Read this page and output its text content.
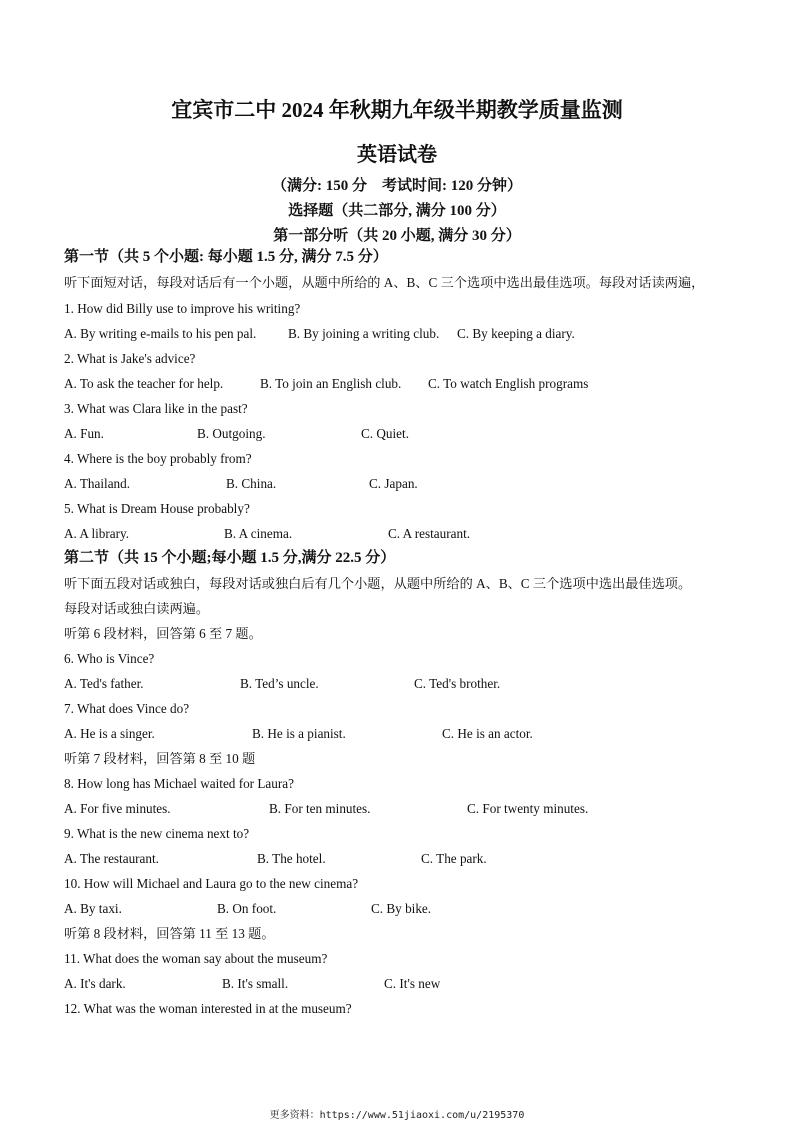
宜宾市二中 2024 年秋期九年级半期教学质量监测
英语试卷
（满分: 150 分　考试时间: 120 分钟）
选择题（共二部分, 满分 100 分）
第一部分听（共 20 小题, 满分 30 分）
第一节（共 5 个小题: 每小题 1.5 分, 满分 7.5 分）
听下面短对话，每段对话后有一个小题，从题中所给的 A、B、C 三个选项中选出最佳选项。每段对话读两遍，
1. How did Billy use to improve his writing?
A. By writing e-mails to his pen pal. B. By joining a writing club. C. By keeping a diary.
2. What is Jake's advice?
A. To ask the teacher for help.	B. To join an English club. C. To watch English programs
3. What was Clara like in the past?
A. Fun.	B. Outgoing.	C. Quiet.
4. Where is the boy probably from?
A. Thailand.	B. China.	C. Japan.
5. What is Dream House probably?
A. A library.	B. A cinema.	C. A restaurant.
第二节（共 15 个小题;每小题 1.5 分,满分 22.5 分）
听下面五段对话或独白，每段对话或独白后有几个小题，从题中所给的 A、B、C 三个选项中选出最佳选项。
每段对话或独白读两遍。
听第 6 段材料，回答第 6 至 7 题。
6. Who is Vince?
A. Ted's father.	B. Ted’s uncle.	C. Ted's brother.
7. What does Vince do?
A. He is a singer.	B. He is a pianist.	C. He is an actor.
听第 7 段材料，回答第 8 至 10 题
8. How long has Michael waited for Laura?
A. For five minutes.	B. For ten minutes.	C. For twenty minutes.
9. What is the new cinema next to?
A. The restaurant.	B. The hotel.	C. The park.
10. How will Michael and Laura go to the new cinema?
A. By taxi.	B. On foot.	C. By bike.
听第 8 段材料，回答第 11 至 13 题。
11. What does the woman say about the museum?
A. It's dark.	B. It's small.	C. It's new
12. What was the woman interested in at the museum?
更多资料：https://www.51jiaoxi.com/u/2195370
